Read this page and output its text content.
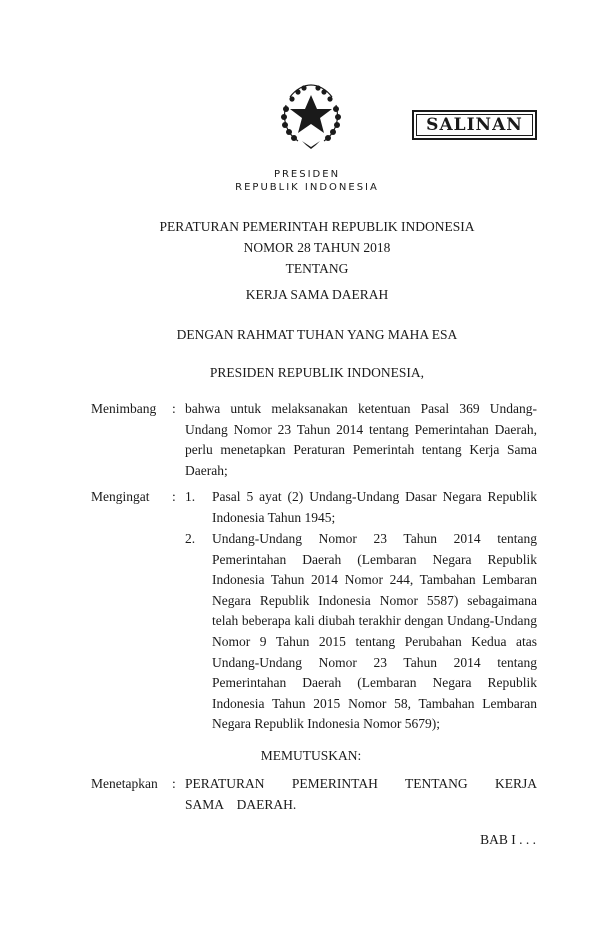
SALINAN
PRESIDEN
REPUBLIK INDONESIA
PERATURAN PEMERINTAH REPUBLIK INDONESIA
NOMOR 28 TAHUN 2018
TENTANG
KERJA SAMA DAERAH
DENGAN RAHMAT TUHAN YANG MAHA ESA
PRESIDEN REPUBLIK INDONESIA,
Menimbang : bahwa untuk melaksanakan ketentuan Pasal 369 Undang-Undang Nomor 23 Tahun 2014 tentang Pemerintahan Daerah, perlu menetapkan Peraturan Pemerintah tentang Kerja Sama Daerah;
Mengingat : 1. Pasal 5 ayat (2) Undang-Undang Dasar Negara Republik Indonesia Tahun 1945;
2. Undang-Undang Nomor 23 Tahun 2014 tentang Pemerintahan Daerah (Lembaran Negara Republik Indonesia Tahun 2014 Nomor 244, Tambahan Lembaran Negara Republik Indonesia Nomor 5587) sebagaimana telah beberapa kali diubah terakhir dengan Undang-Undang Nomor 9 Tahun 2015 tentang Perubahan Kedua atas Undang-Undang Nomor 23 Tahun 2014 tentang Pemerintahan Daerah (Lembaran Negara Republik Indonesia Tahun 2015 Nomor 58, Tambahan Lembaran Negara Republik Indonesia Nomor 5679);
MEMUTUSKAN:
Menetapkan : PERATURAN PEMERINTAH TENTANG KERJA SAMA DAERAH.
BAB I . . .
